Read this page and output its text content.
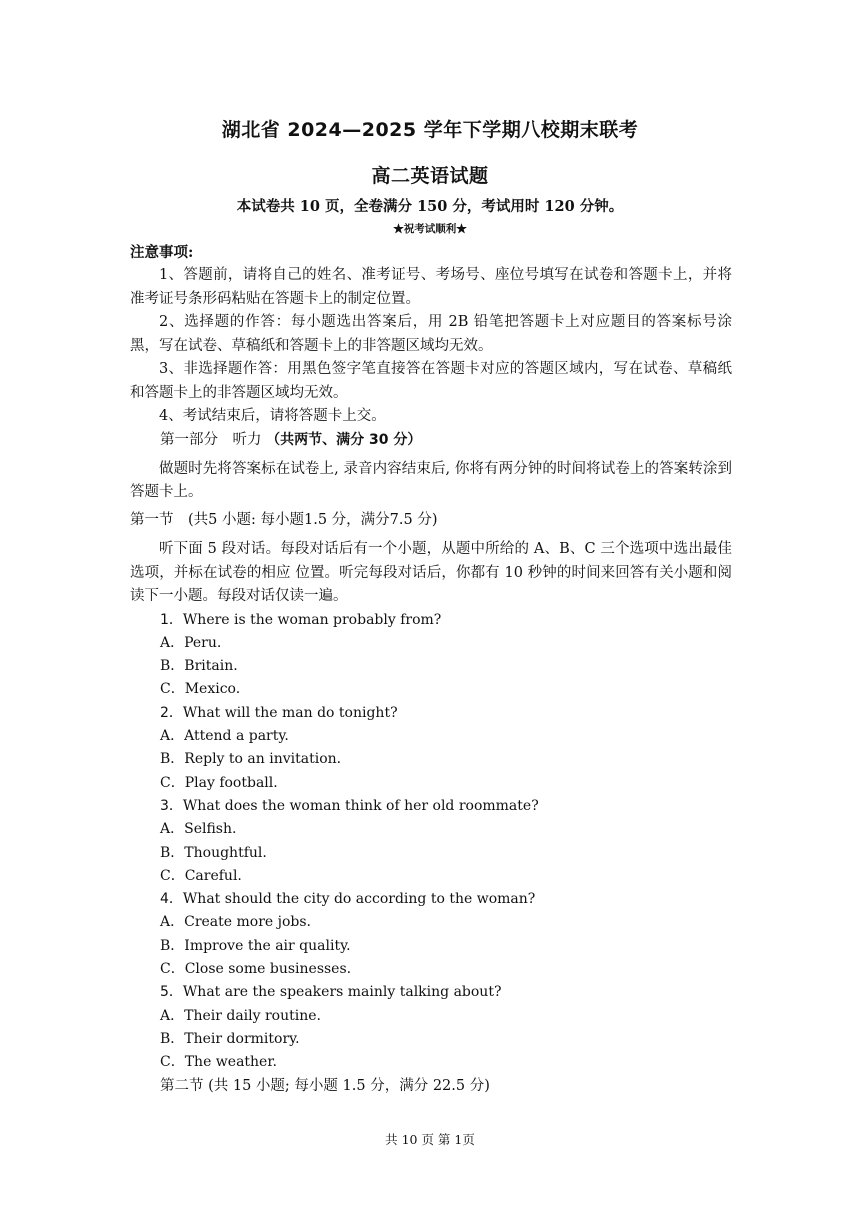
湖北省 2024—2025 学年下学期八校期末联考
高二英语试题
本试卷共 10 页，全卷满分 150 分，考试用时 120 分钟。
★祝考试顺利★
注意事项:

1、答题前，请将自己的姓名、准考证号、考场号、座位号填写在试卷和答题卡上，并将准考证号条形码粘贴在答题卡上的制定位置。

2、选择题的作答：每小题选出答案后，用 2B 铅笔把答题卡上对应题目的答案标号涂黑，写在试卷、草稿纸和答题卡上的非答题区域均无效。

3、非选择题作答：用黑色签字笔直接答在答题卡对应的答题区域内，写在试卷、草稿纸和答题卡上的非答题区域均无效。

4、考试结束后，请将答题卡上交。

第一部分　听力 （共两节、满分 30 分）

做题时先将答案标在试卷上, 录音内容结束后, 你将有两分钟的时间将试卷上的答案转涂到答题卡上。

第一节　(共5 小题: 每小题1.5 分，满分7.5 分)

听下面 5 段对话。每段对话后有一个小题，从题中所给的 A、B、C 三个选项中选出最佳选项，并标在试卷的相应 位置。听完每段对话后，你都有 10 秒钟的时间来回答有关小题和阅读下一小题。每段对话仅读一遍。

1．Where is the woman probably from?
A．Peru.
B．Britain.
C．Mexico.
2．What will the man do tonight?
A．Attend a party.
B．Reply to an invitation.
C．Play football.
3．What does the woman think of her old roommate?
A．Selfish.
B．Thoughtful.
C．Careful.
4．What should the city do according to the woman?
A．Create more jobs.
B．Improve the air quality.
C．Close some businesses.
5．What are the speakers mainly talking about?
A．Their daily routine.
B．Their dormitory.
C．The weather.
第二节 (共 15 小题; 每小题 1.5 分，满分 22.5 分)
共 10 页 第 1页
